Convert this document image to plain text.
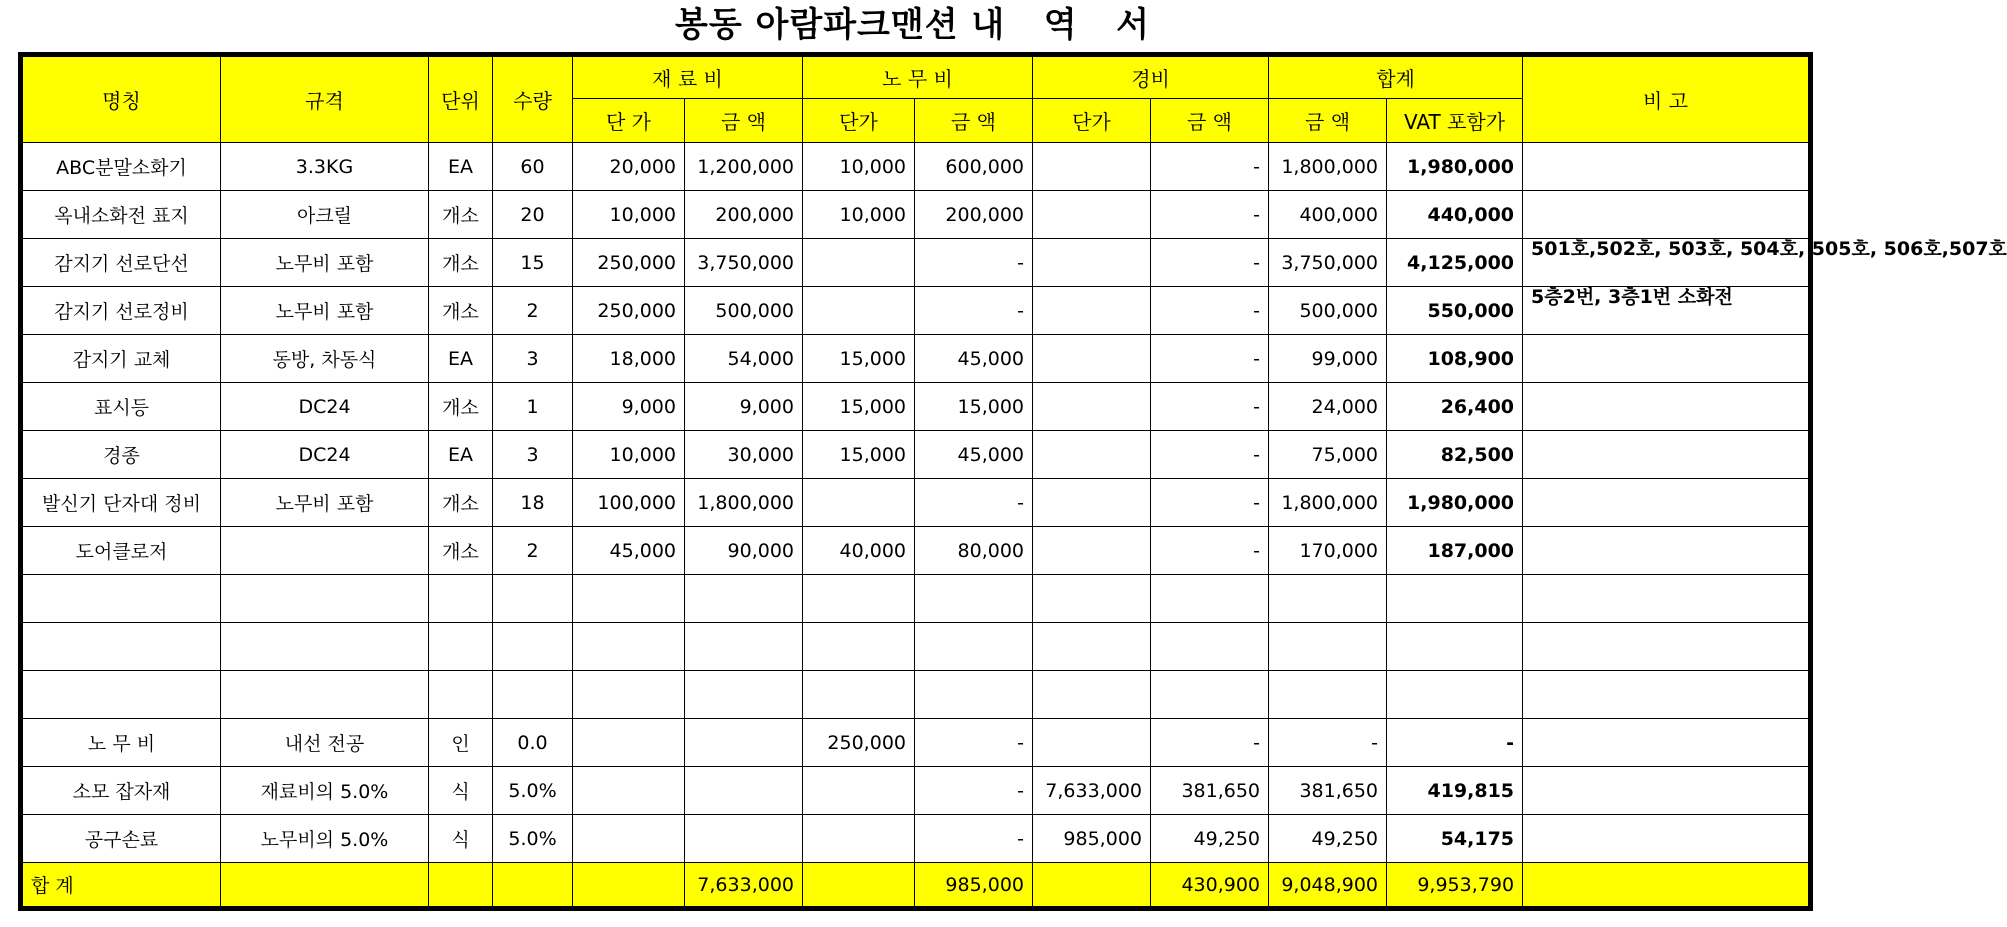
봉동 아람파크맨션 내   역   서
명칭	규격	단위	수량	재 료 비		노 무 비		경비		합계		비 고
				단 가	금 액	단가	금 액	단가	금 액	금 액	VAT 포함가	
ABC분말소화기	3.3KG	EA	60	20,000	1,200,000	10,000	600,000		-	1,800,000	1,980,000	
옥내소화전 표지	아크릴	개소	20	10,000	200,000	10,000	200,000		-	400,000	440,000	
감지기 선로단선	노무비 포함	개소	15	250,000	3,750,000		-		-	3,750,000	4,125,000	501호,502호, 503호, 504호, 505호, 506호,507호
감지기 선로정비	노무비 포함	개소	2	250,000	500,000		-		-	500,000	550,000	5층2번, 3층1번 소화전
감지기 교체	동방, 차동식	EA	3	18,000	54,000	15,000	45,000		-	99,000	108,900	
표시등	DC24	개소	1	9,000	9,000	15,000	15,000		-	24,000	26,400	
경종	DC24	EA	3	10,000	30,000	15,000	45,000		-	75,000	82,500	
발신기 단자대 정비	노무비 포함	개소	18	100,000	1,800,000		-		-	1,800,000	1,980,000	
도어클로저		개소	2	45,000	90,000	40,000	80,000		-	170,000	187,000	

노 무 비	내선 전공	인	0.0			250,000	-		-	-	-	
소모 잡자재	재료비의 5.0%	식	5.0%				-	7,633,000	381,650	381,650	419,815	
공구손료	노무비의 5.0%	식	5.0%				-	985,000	49,250	49,250	54,175	
합 계					7,633,000		985,000		430,900	9,048,900	9,953,790	
